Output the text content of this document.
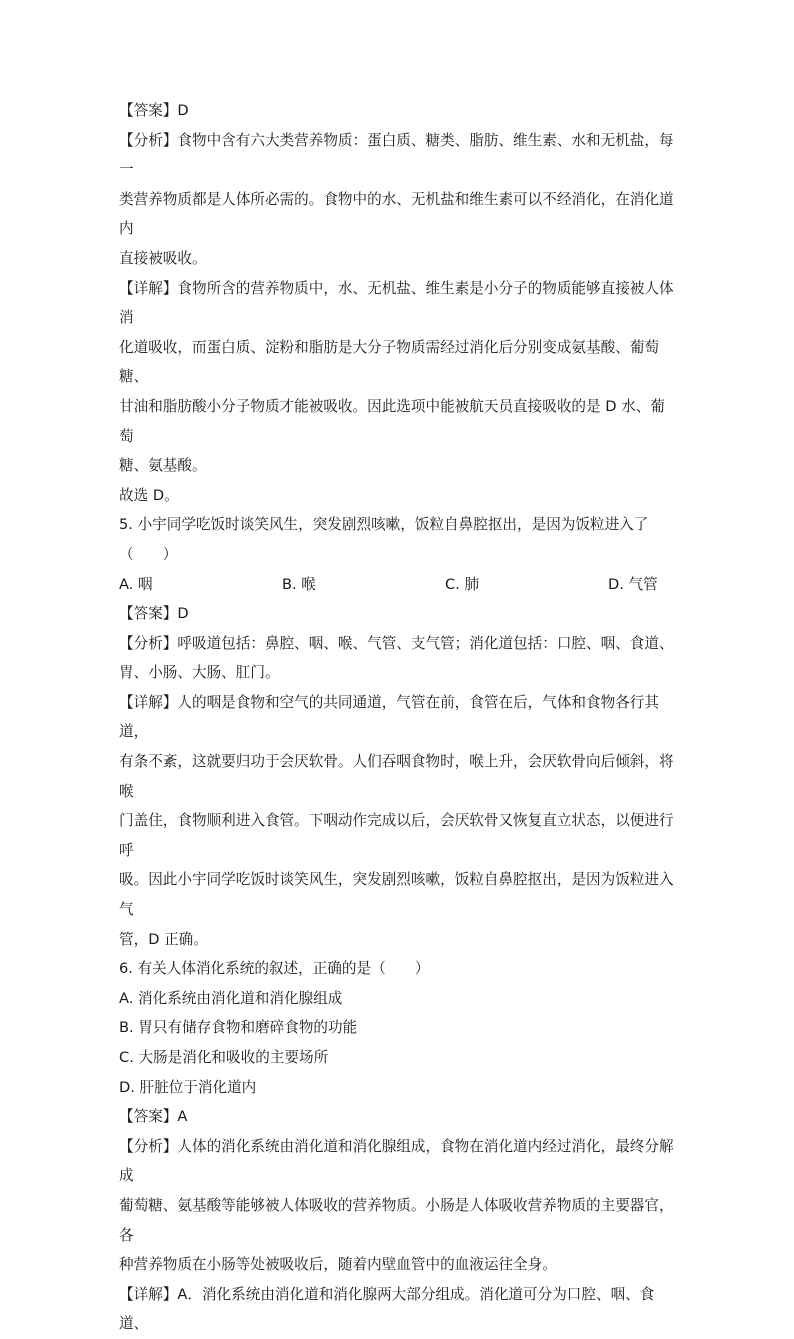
【答案】D

【分析】食物中含有六大类营养物质：蛋白质、糖类、脂肪、维生素、水和无机盐，每一

类营养物质都是人体所必需的。食物中的水、无机盐和维生素可以不经消化，在消化道内

直接被吸收。

【详解】食物所含的营养物质中，水、无机盐、维生素是小分子的物质能够直接被人体消

化道吸收，而蛋白质、淀粉和脂肪是大分子物质需经过消化后分别变成氨基酸、葡萄糖、

甘油和脂肪酸小分子物质才能被吸收。因此选项中能被航天员直接吸收的是 D 水、葡萄

糖、氨基酸。

故选 D。

5. 小宇同学吃饭时谈笑风生，突发剧烈咳嗽，饭粒自鼻腔抠出，是因为饭粒进入了

（　　）

A. 咽	B. 喉	C. 肺	D. 气管

【答案】D

【分析】呼吸道包括：鼻腔、咽、喉、气管、支气管；消化道包括：口腔、咽、食道、

胃、小肠、大肠、肛门。

【详解】人的咽是食物和空气的共同通道，气管在前，食管在后，气体和食物各行其道，

有条不紊，这就要归功于会厌软骨。人们吞咽食物时，喉上升，会厌软骨向后倾斜，将喉

门盖住，食物顺利进入食管。下咽动作完成以后，会厌软骨又恢复直立状态，以便进行呼

吸。因此小宇同学吃饭时谈笑风生，突发剧烈咳嗽，饭粒自鼻腔抠出，是因为饭粒进入气

管，D 正确。

6. 有关人体消化系统的叙述，正确的是（　　）

A. 消化系统由消化道和消化腺组成

B. 胃只有储存食物和磨碎食物的功能

C. 大肠是消化和吸收的主要场所

D. 肝脏位于消化道内

【答案】A

【分析】人体的消化系统由消化道和消化腺组成，食物在消化道内经过消化，最终分解成

葡萄糖、氨基酸等能够被人体吸收的营养物质。小肠是人体吸收营养物质的主要器官，各

种营养物质在小肠等处被吸收后，随着内壁血管中的血液运往全身。

【详解】A．消化系统由消化道和消化腺两大部分组成。消化道可分为口腔、咽、食道、
